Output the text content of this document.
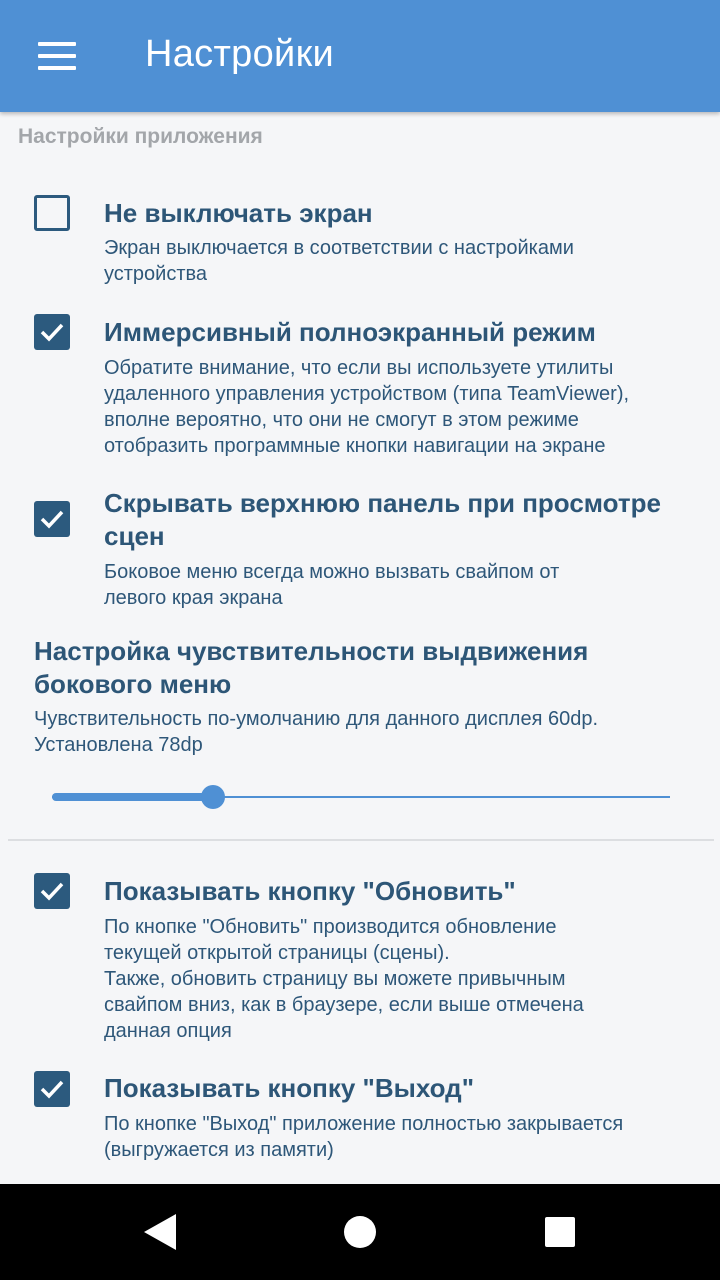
Настройки
Настройки приложения
Не выключать экран
Экран выключается в соответствии с настройками
устройства
Иммерсивный полноэкранный режим
Обратите внимание, что если вы используете утилиты
удаленного управления устройством (типа TeamViewer),
вполне вероятно, что они не смогут в этом режиме
отобразить программные кнопки навигации на экране
Скрывать верхнюю панель при просмотре сцен
Боковое меню всегда можно вызвать свайпом от
левого края экрана
Настройка чувствительности выдвижения бокового меню
Чувствительность по-умолчанию для данного дисплея 60dp.
Установлена 78dp
Показывать кнопку "Обновить"
По кнопке "Обновить" производится обновление
текущей открытой страницы (сцены).
Также, обновить страницу вы можете привычным
свайпом вниз, как в браузере, если выше отмечена
данная опция
Показывать кнопку "Выход"
По кнопке "Выход" приложение полностью закрывается
(выгружается из памяти)
